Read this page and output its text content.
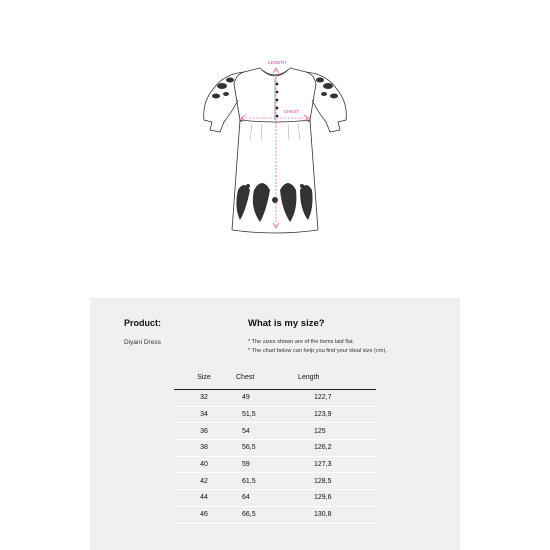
LENGTH
CHEST
Product:
Diyani Dress
What is my size?
* The sizes shown are of the items laid flat.
* The chart below can help you find your ideal size (cm).
Size	Chest	Length
32	49	122,7
34	51,5	123,9
36	54	125
38	56,5	126,2
40	59	127,3
42	61,5	128,5
44	64	129,6
46	66,5	130,8
